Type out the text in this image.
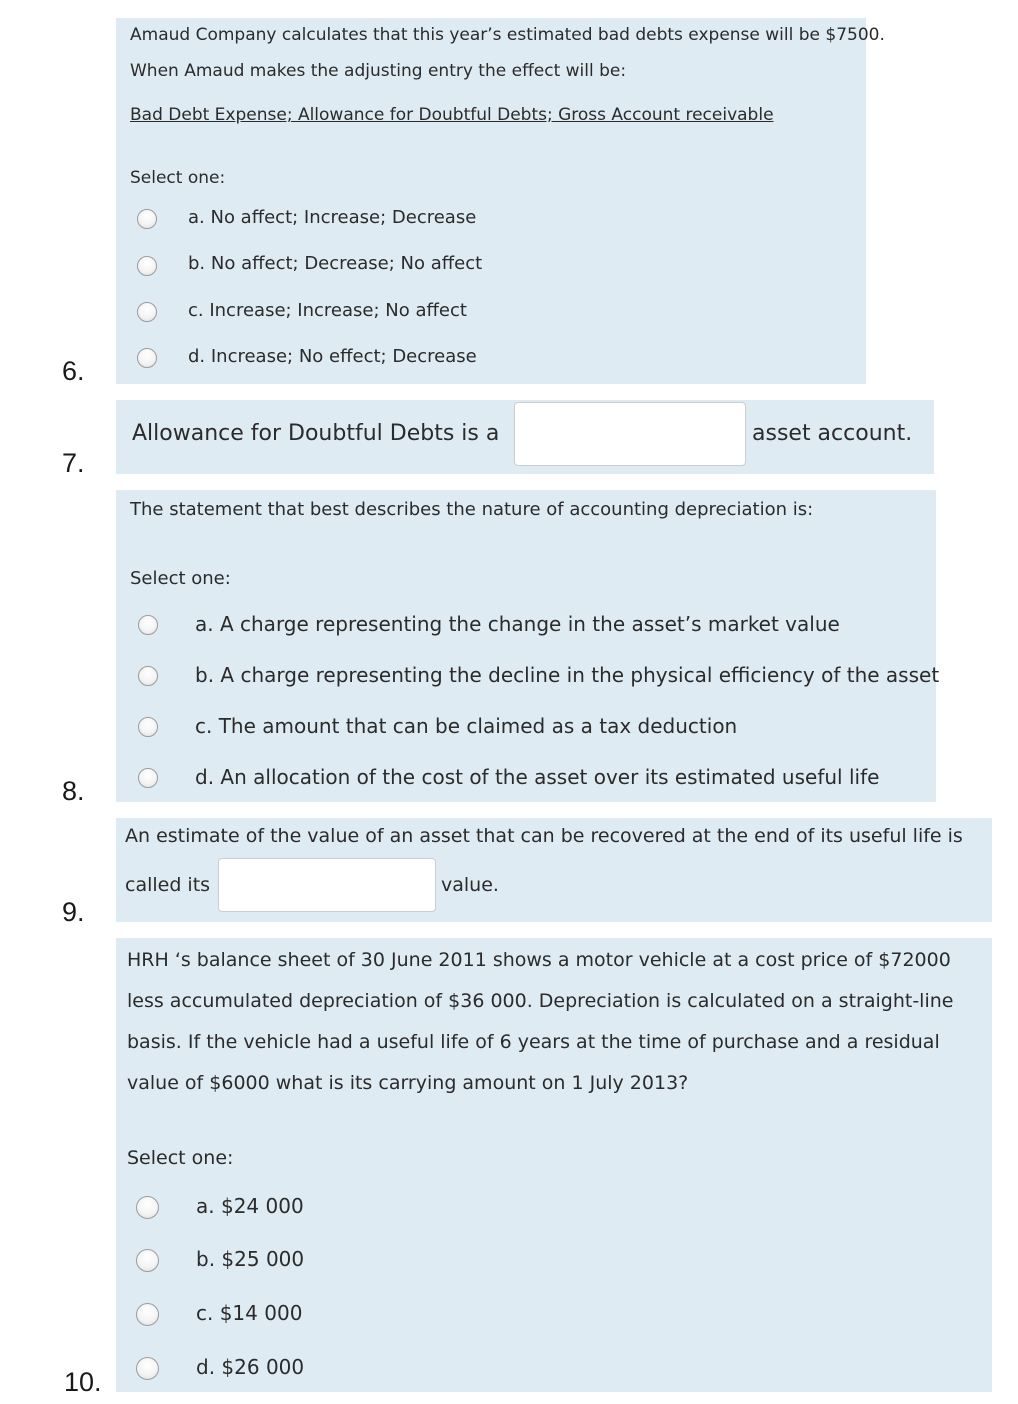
Amaud Company calculates that this year’s estimated bad debts expense will be $7500.
When Amaud makes the adjusting entry the effect will be:
Bad Debt Expense; Allowance for Doubtful Debts; Gross Account receivable
Select one:
a. No affect; Increase; Decrease
b. No affect; Decrease; No affect
c. Increase; Increase; No affect
d. Increase; No effect; Decrease
6.
Allowance for Doubtful Debts is a	asset account.
7.
The statement that best describes the nature of accounting depreciation is:
Select one:
a. A charge representing the change in the asset’s market value
b. A charge representing the decline in the physical efficiency of the asset
c. The amount that can be claimed as a tax deduction
d. An allocation of the cost of the asset over its estimated useful life
8.
An estimate of the value of an asset that can be recovered at the end of its useful life is
called its	value.
9.
HRH ‘s balance sheet of 30 June 2011 shows a motor vehicle at a cost price of $72000
less accumulated depreciation of $36 000. Depreciation is calculated on a straight-line
basis. If the vehicle had a useful life of 6 years at the time of purchase and a residual
value of $6000 what is its carrying amount on 1 July 2013?
Select one:
a. $24 000
b. $25 000
c. $14 000
d. $26 000
10.
